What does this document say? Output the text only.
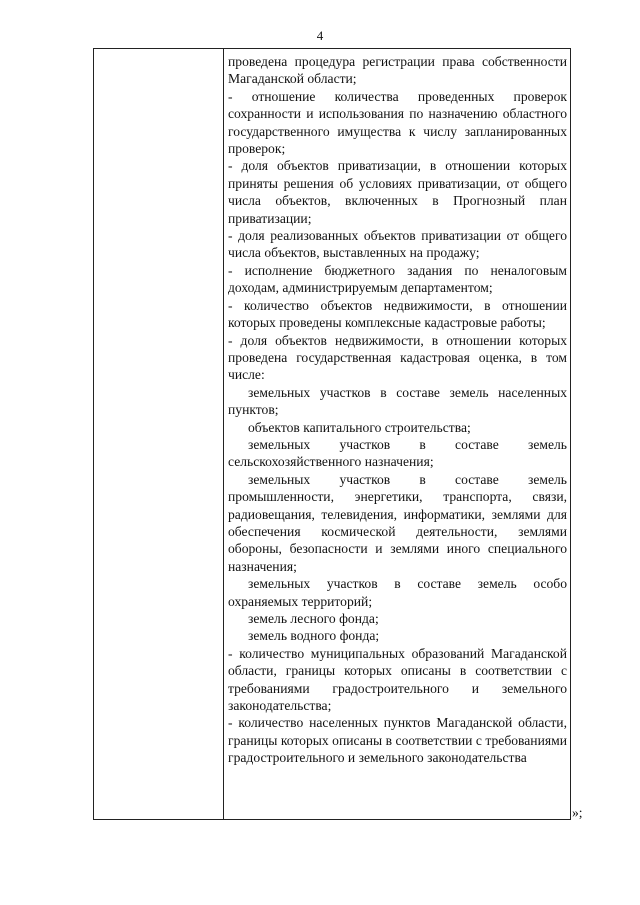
4

проведена процедура регистрации права собственности Магаданской области;

- отношение количества проведенных проверок сохранности и использования по назначению областного государственного имущества к числу запланированных проверок;

- доля объектов приватизации, в отношении которых приняты решения об условиях приватизации, от общего числа объектов, включенных в Прогнозный план приватизации;

- доля реализованных объектов приватизации от общего числа объектов, выставленных на продажу;

- исполнение бюджетного задания по неналоговым доходам, администрируемым департаментом;

- количество объектов недвижимости, в отношении которых проведены комплексные кадастровые работы;

- доля объектов недвижимости, в отношении которых проведена государственная кадастровая оценка, в том числе:

земельных участков в составе земель населенных пунктов;

объектов капитального строительства;

земельных участков в составе земель сельскохозяйственного назначения;

земельных участков в составе земель промышленности, энергетики, транспорта, связи, радиовещания, телевидения, информатики, землями для обеспечения космической деятельности, землями обороны, безопасности и землями иного специального назначения;

земельных участков в составе земель особо охраняемых территорий;

земель лесного фонда;

земель водного фонда;

- количество муниципальных образований Магаданской области, границы которых описаны в соответствии с требованиями градостроительного и земельного законодательства;

- количество населенных пунктов Магаданской области, границы которых описаны в соответствии с требованиями градостроительного и земельного законодательства

»;
